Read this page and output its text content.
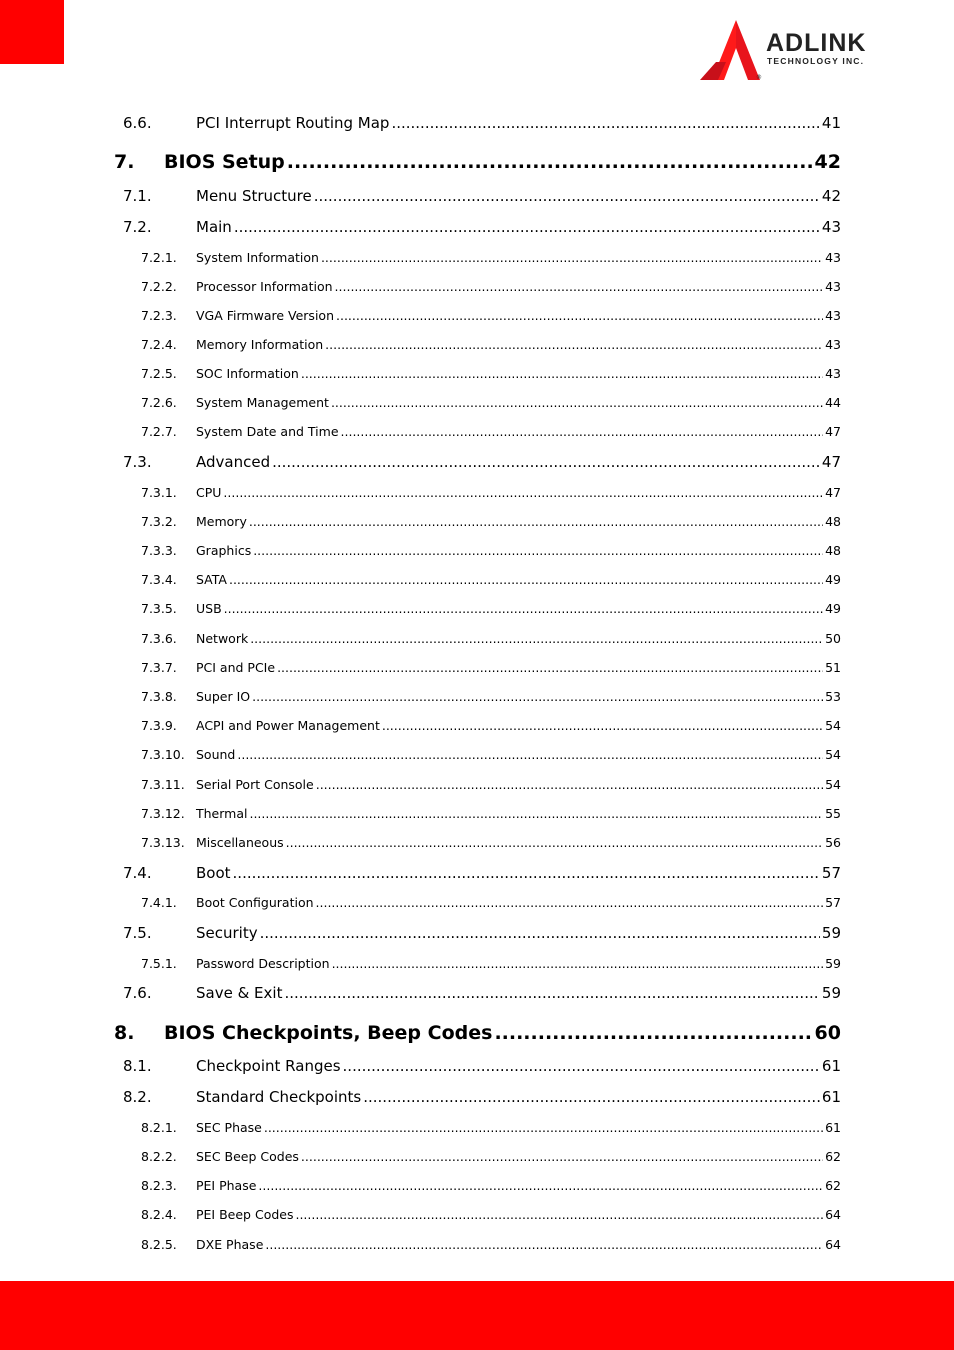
ADLINK
TECHNOLOGY INC.
®
6.6.	PCI Interrupt Routing Map .....	41
7. BIOS Setup .....	42
7.1.	Menu Structure .....	42
7.2.	Main .....	43
7.2.1. System Information .....	43
7.2.2. Processor Information .....	43
7.2.3. VGA Firmware Version .....	43
7.2.4. Memory Information .....	43
7.2.5. SOC Information .....	43
7.2.6. System Management .....	44
7.2.7. System Date and Time .....	47
7.3.	Advanced .....	47
7.3.1. CPU .....	47
7.3.2. Memory .....	48
7.3.3. Graphics .....	48
7.3.4. SATA .....	49
7.3.5. USB .....	49
7.3.6. Network .....	50
7.3.7. PCI and PCIe .....	51
7.3.8. Super IO .....	53
7.3.9. ACPI and Power Management .....	54
7.3.10. Sound .....	54
7.3.11. Serial Port Console .....	54
7.3.12. Thermal .....	55
7.3.13. Miscellaneous .....	56
7.4.	Boot .....	57
7.4.1. Boot Configuration .....	57
7.5.	Security .....	59
7.5.1. Password Description .....	59
7.6.	Save & Exit .....	59
8. BIOS Checkpoints, Beep Codes .....	60
8.1.	Checkpoint Ranges .....	61
8.2.	Standard Checkpoints .....	61
8.2.1. SEC Phase .....	61
8.2.2. SEC Beep Codes .....	62
8.2.3. PEI Phase .....	62
8.2.4. PEI Beep Codes .....	64
8.2.5. DXE Phase .....	64
